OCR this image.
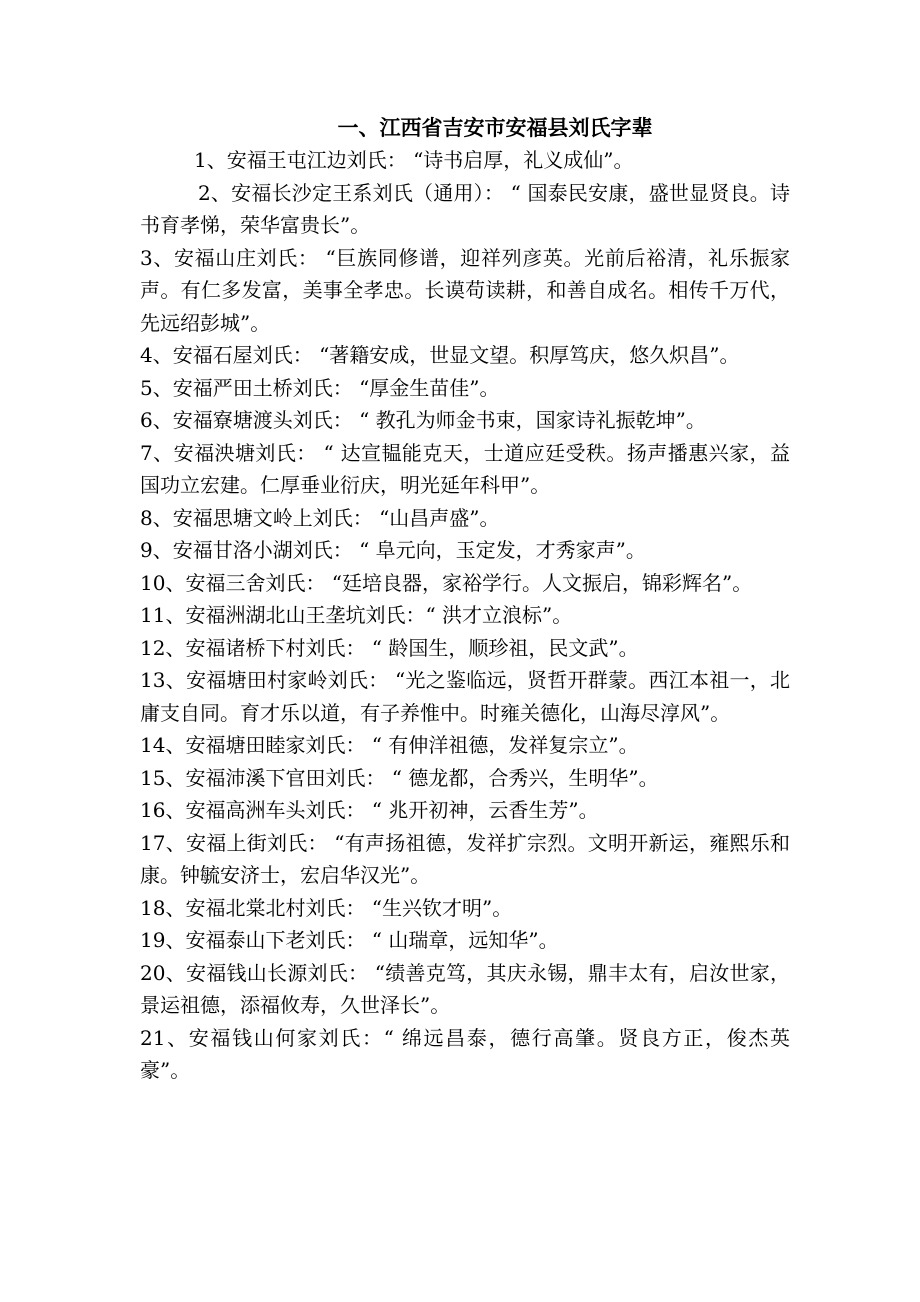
一、江西省吉安市安福县刘氏字辈

1、安福王屯江边刘氏： “诗书启厚，礼义成仙”。

2、安福长沙定王系刘氏（通用）： “ 国泰民安康，盛世显贤良。诗书育孝悌，荣华富贵长”。

3、安福山庄刘氏： “巨族同修谱，迎祥列彦英。光前后裕清，礼乐振家声。有仁多发富，美事全孝忠。长谟苟读耕，和善自成名。相传千万代，先远绍彭城”。

4、安福石屋刘氏： “著籍安成，世显文望。积厚笃庆，悠久炽昌”。

5、安福严田土桥刘氏： “厚金生苗佳”。

6、安福寮塘渡头刘氏： “ 教孔为师金书束，国家诗礼振乾坤”。

7、安福泱塘刘氏： “ 达宣韫能克天，士道应廷受秩。扬声播惠兴家，益国功立宏建。仁厚垂业衍庆，明光延年科甲”。

8、安福思塘文岭上刘氏： “山昌声盛”。

9、安福甘洛小湖刘氏： “ 阜元向，玉定发，才秀家声”。

10、安福三舍刘氏： “廷培良器，家裕学行。人文振启，锦彩辉名”。

11、安福洲湖北山王垄坑刘氏：“ 洪才立浪标”。

12、安福诸桥下村刘氏： “ 龄国生，顺珍祖，民文武”。

13、安福塘田村家岭刘氏： “光之鉴临远，贤哲开群蒙。西江本祖一，北庸支自同。育才乐以道，有子养惟中。时雍关德化，山海尽淳风”。

14、安福塘田睦家刘氏： “ 有伸洋祖德，发祥复宗立”。

15、安福沛溪下官田刘氏： “ 德龙都，合秀兴，生明华”。

16、安福高洲车头刘氏： “ 兆开初神，云香生芳”。

17、安福上街刘氏： “有声扬祖德，发祥扩宗烈。文明开新运，雍熙乐和康。钟毓安济士，宏启华汉光”。

18、安福北棠北村刘氏： “生兴钦才明”。

19、安福泰山下老刘氏： “ 山瑞章，远知华”。

20、安福钱山长源刘氏： “绩善克笃，其庆永锡，鼎丰太有，启汝世家，景运祖德，添福攸寿，久世泽长”。

21、安福钱山何家刘氏：“ 绵远昌泰，德行高肇。贤良方正，俊杰英豪”。
